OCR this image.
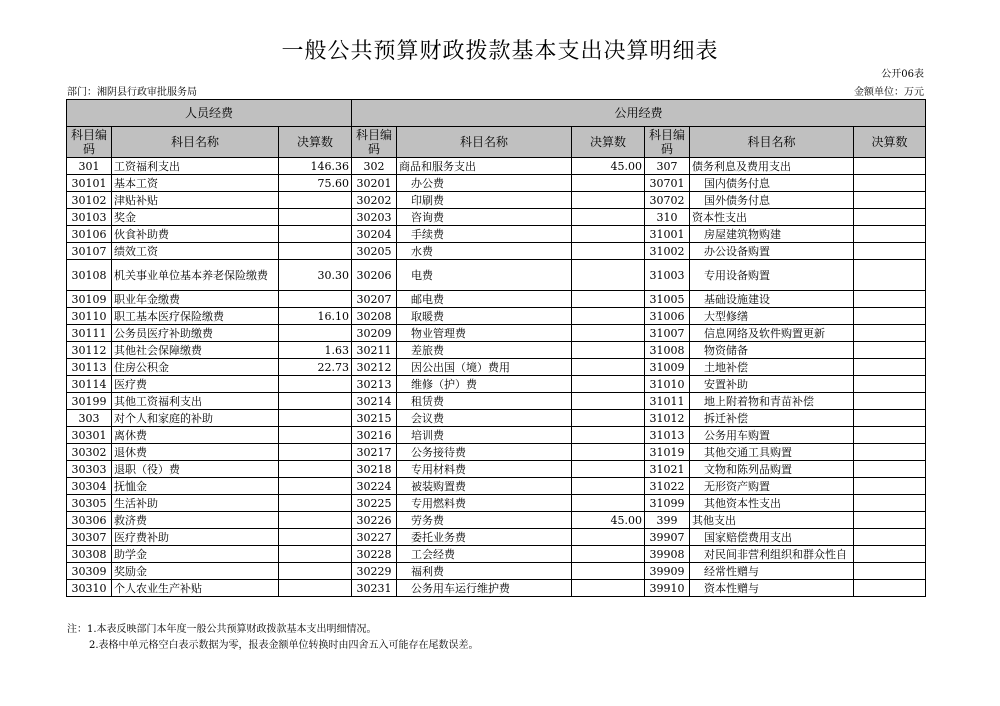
一般公共预算财政拨款基本支出决算明细表
公开06表
部门：湘阴县行政审批服务局	金额单位：万元
人员经费			公用经费					
科目编码	科目名称	决算数	科目编码	科目名称	决算数	科目编码	科目名称	决算数
301	工资福利支出	146.36	302	商品和服务支出	45.00	307	债务利息及费用支出	
30101	基本工资	75.60	30201	办公费		30701	国内债务付息	
30102	津贴补贴		30202	印刷费		30702	国外债务付息	
30103	奖金		30203	咨询费		310	资本性支出	
30106	伙食补助费		30204	手续费		31001	房屋建筑物购建	
30107	绩效工资		30205	水费		31002	办公设备购置	
30108	机关事业单位基本养老保险缴费	30.30	30206	电费		31003	专用设备购置	
30109	职业年金缴费		30207	邮电费		31005	基础设施建设	
30110	职工基本医疗保险缴费	16.10	30208	取暖费		31006	大型修缮	
30111	公务员医疗补助缴费		30209	物业管理费		31007	信息网络及软件购置更新	
30112	其他社会保障缴费	1.63	30211	差旅费		31008	物资储备	
30113	住房公积金	22.73	30212	因公出国（境）费用		31009	土地补偿	
30114	医疗费		30213	维修（护）费		31010	安置补助	
30199	其他工资福利支出		30214	租赁费		31011	地上附着物和青苗补偿	
303	对个人和家庭的补助		30215	会议费		31012	拆迁补偿	
30301	离休费		30216	培训费		31013	公务用车购置	
30302	退休费		30217	公务接待费		31019	其他交通工具购置	
30303	退职（役）费		30218	专用材料费		31021	文物和陈列品购置	
30304	抚恤金		30224	被装购置费		31022	无形资产购置	
30305	生活补助		30225	专用燃料费		31099	其他资本性支出	
30306	救济费		30226	劳务费	45.00	399	其他支出	
30307	医疗费补助		30227	委托业务费		39907	国家赔偿费用支出	
30308	助学金		30228	工会经费		39908	对民间非营利组织和群众性自	
30309	奖励金		30229	福利费		39909	经常性赠与	
30310	个人农业生产补贴		30231	公务用车运行维护费		39910	资本性赠与	
注：1.本表反映部门本年度一般公共预算财政拨款基本支出明细情况。
2.表格中单元格空白表示数据为零，报表金额单位转换时由四舍五入可能存在尾数误差。
